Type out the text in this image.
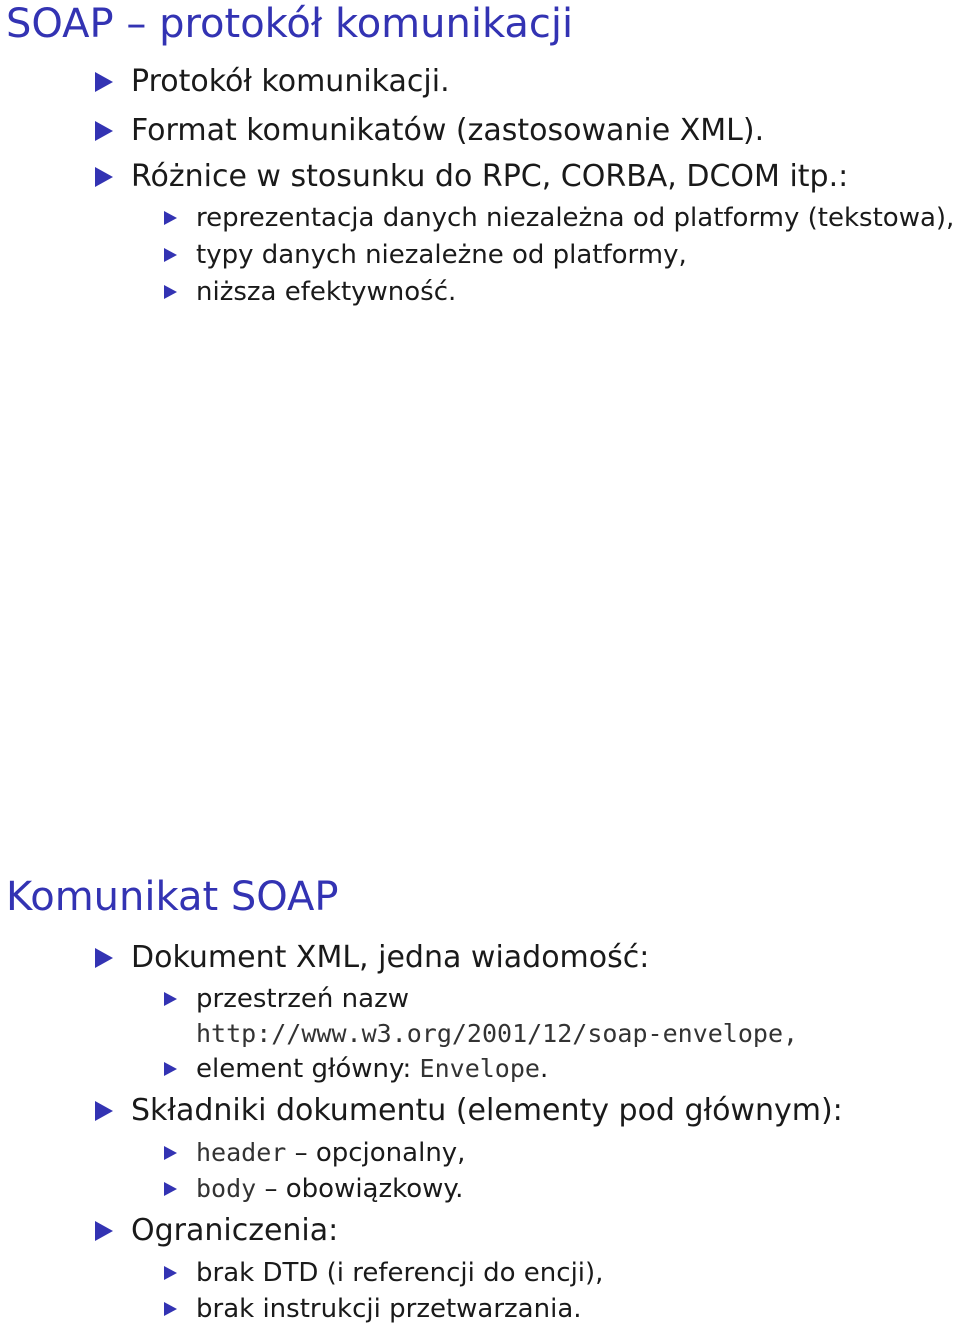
SOAP – protokół komunikacji
Protokół komunikacji.
Format komunikatów (zastosowanie XML).
Różnice w stosunku do RPC, CORBA, DCOM itp.:
reprezentacja danych niezależna od platformy (tekstowa),
typy danych niezależne od platformy,
niższa efektywność.
Komunikat SOAP
Dokument XML, jedna wiadomość:
przestrzeń nazw
http://www.w3.org/2001/12/soap-envelope,
element główny: Envelope.
Składniki dokumentu (elementy pod głównym):
header – opcjonalny,
body – obowiązkowy.
Ograniczenia:
brak DTD (i referencji do encji),
brak instrukcji przetwarzania.
